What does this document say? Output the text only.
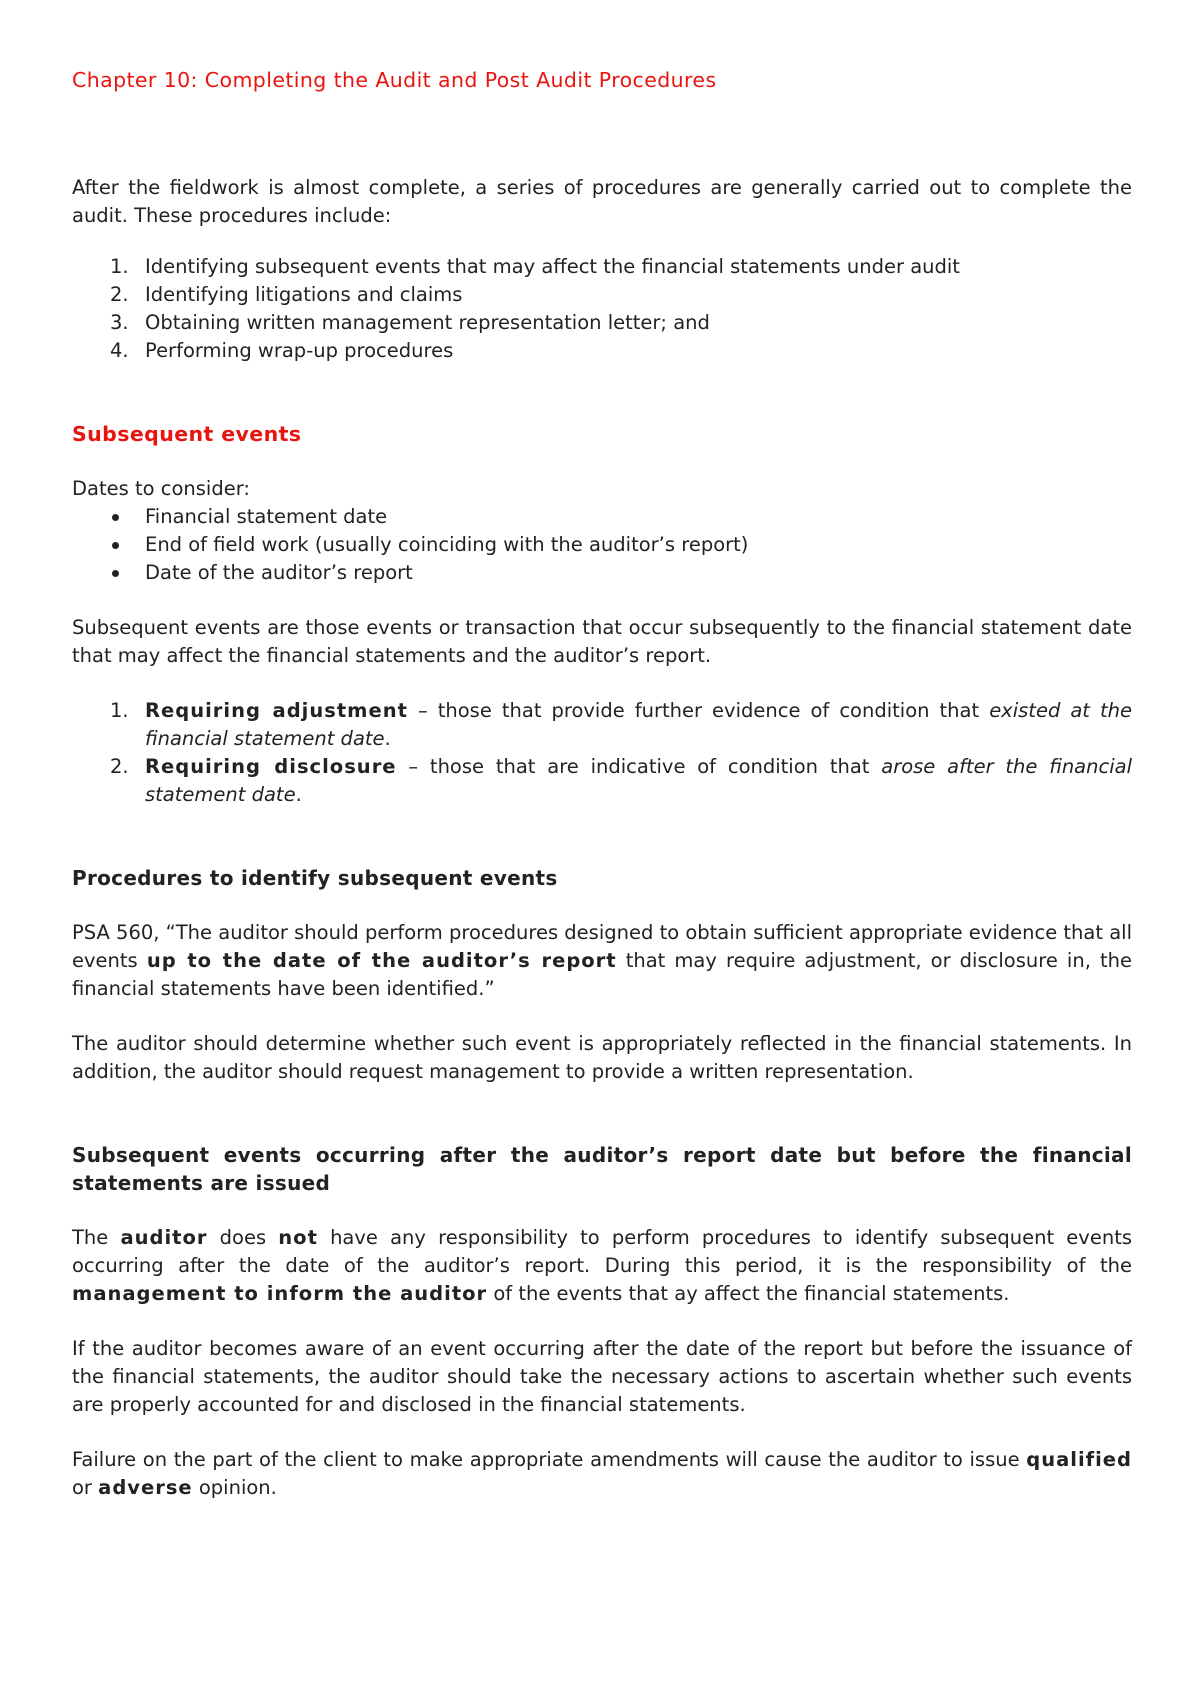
Chapter 10: Completing the Audit and Post Audit Procedures

After the fieldwork is almost complete, a series of procedures are generally carried out to complete the audit. These procedures include:

1. Identifying subsequent events that may affect the financial statements under audit
2. Identifying litigations and claims
3. Obtaining written management representation letter; and
4. Performing wrap-up procedures
Subsequent events

Dates to consider:

Financial statement date
End of field work (usually coinciding with the auditor’s report)
Date of the auditor’s report

Subsequent events are those events or transaction that occur subsequently to the financial statement date that may affect the financial statements and the auditor’s report.

1. Requiring adjustment – those that provide further evidence of condition that existed at the financial statement date.
2. Requiring disclosure – those that are indicative of condition that arose after the financial statement date.
Procedures to identify subsequent events

PSA 560, “The auditor should perform procedures designed to obtain sufficient appropriate evidence that all events up to the date of the auditor’s report that may require adjustment, or disclosure in, the financial statements have been identified.”

The auditor should determine whether such event is appropriately reflected in the financial statements. In addition, the auditor should request management to provide a written representation.

Subsequent events occurring after the auditor’s report date but before the financial statements are issued

The auditor does not have any responsibility to perform procedures to identify subsequent events occurring after the date of the auditor’s report. During this period, it is the responsibility of the management to inform the auditor of the events that ay affect the financial statements.

If the auditor becomes aware of an event occurring after the date of the report but before the issuance of the financial statements, the auditor should take the necessary actions to ascertain whether such events are properly accounted for and disclosed in the financial statements.

Failure on the part of the client to make appropriate amendments will cause the auditor to issue qualified or adverse opinion.
